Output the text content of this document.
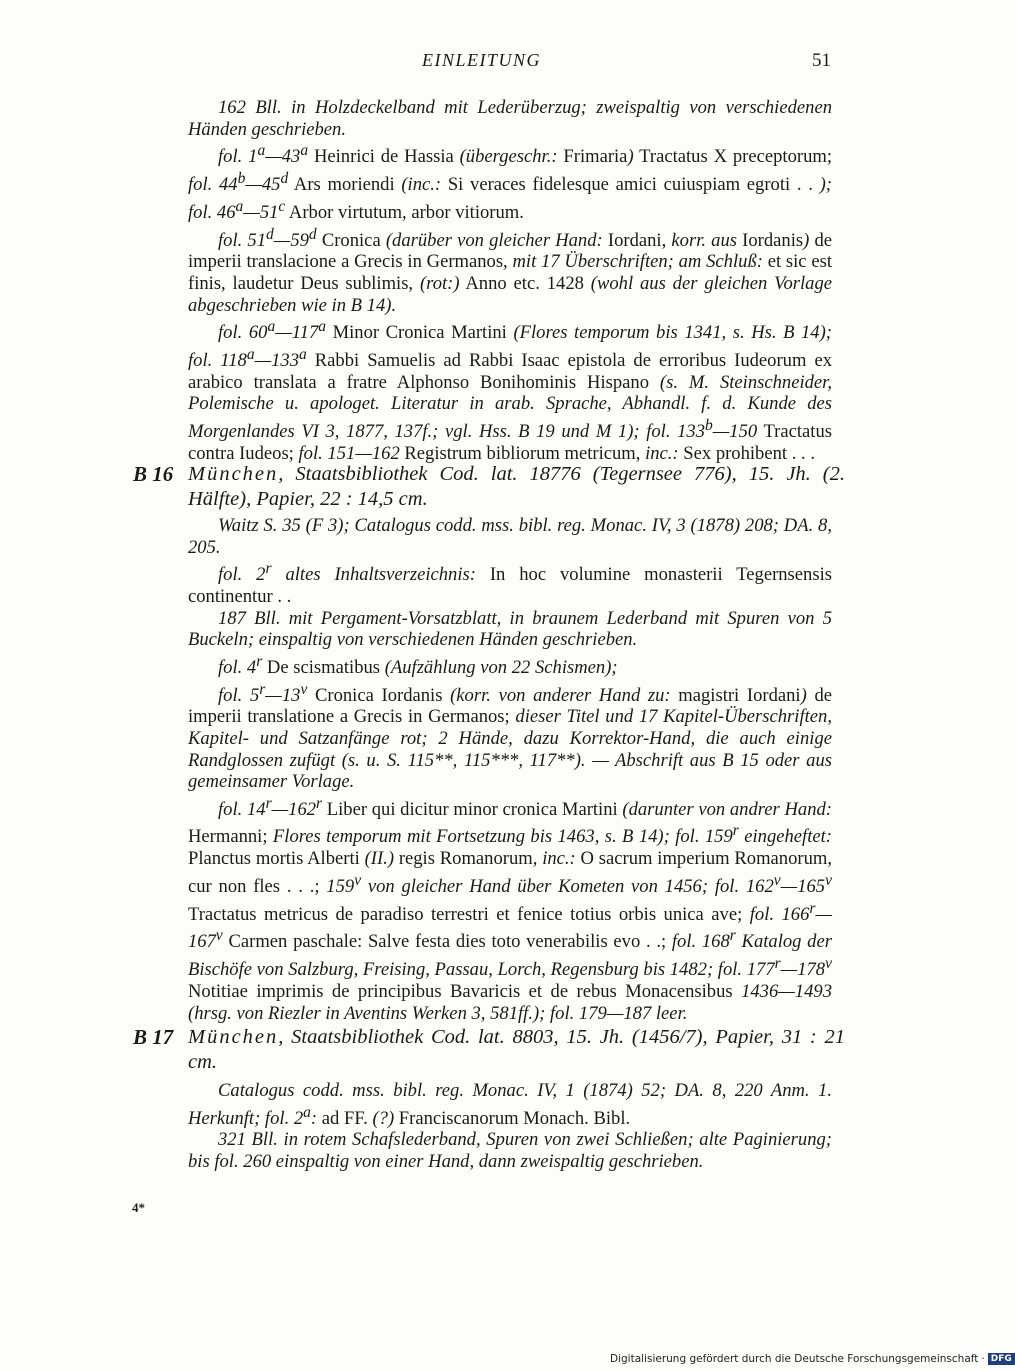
EINLEITUNG	51

162 Bll. in Holzdeckelband mit Lederüberzug; zweispaltig von verschiedenen Händen geschrieben.

fol. 1$^a$—43$^a$ Heinrici de Hassia (übergeschr.: Frimaria) Tractatus X preceptorum; fol. 44$^b$—45$^d$ Ars moriendi (inc.: Si veraces fidelesque amici cuiuspiam egroti . . ); fol. 46$^a$—51$^c$ Arbor virtutum, arbor vitiorum.

fol. 51$^d$—59$^d$ Cronica (darüber von gleicher Hand: Iordani, korr. aus Iordanis) de imperii translacione a Grecis in Germanos, mit 17 Überschriften; am Schluß: et sic est finis, laudetur Deus sublimis, (rot:) Anno etc. 1428 (wohl aus der gleichen Vorlage abgeschrieben wie in B 14).

fol. 60$^a$—117$^a$ Minor Cronica Martini (Flores temporum bis 1341, s. Hs. B 14); fol. 118$^a$—133$^a$ Rabbi Samuelis ad Rabbi Isaac epistola de erroribus Iudeorum ex arabico translata a fratre Alphonso Bonihominis Hispano (s. M. Steinschneider, Polemische u. apologet. Literatur in arab. Sprache, Abhandl. f. d. Kunde des Morgenlandes VI 3, 1877, 137f.; vgl. Hss. B 19 und M 1); fol. 133$^b$—150 Tractatus contra Iudeos; fol. 151—162 Registrum bibliorum metricum, inc.: Sex prohibent . . .

B 16 München, Staatsbibliothek Cod. lat. 18776 (Tegernsee 776), 15. Jh. (2. Hälfte), Papier, 22 : 14,5 cm.

Waitz S. 35 (F 3); Catalogus codd. mss. bibl. reg. Monac. IV, 3 (1878) 208; DA. 8, 205.

fol. 2$^r$ altes Inhaltsverzeichnis: In hoc volumine monasterii Tegernsensis continentur . .

187 Bll. mit Pergament-Vorsatzblatt, in braunem Lederband mit Spuren von 5 Buckeln; einspaltig von verschiedenen Händen geschrieben.

fol. 4$^r$ De scismatibus (Aufzählung von 22 Schismen);

fol. 5$^r$—13$^v$ Cronica Iordanis (korr. von anderer Hand zu: magistri Iordani) de imperii translatione a Grecis in Germanos; dieser Titel und 17 Kapitel-Überschriften, Kapitel- und Satzanfänge rot; 2 Hände, dazu Korrektor-Hand, die auch einige Randglossen zufügt (s. u. S. 115**, 115***, 117**). — Abschrift aus B 15 oder aus gemeinsamer Vorlage.

fol. 14$^r$—162$^r$ Liber qui dicitur minor cronica Martini (darunter von andrer Hand: Hermanni; Flores temporum mit Fortsetzung bis 1463, s. B 14); fol. 159$^r$ eingeheftet: Planctus mortis Alberti (II.) regis Romanorum, inc.: O sacrum imperium Romanorum, cur non fles . . .; 159$^v$ von gleicher Hand über Kometen von 1456; fol. 162$^v$—165$^v$ Tractatus metricus de paradiso terrestri et fenice totius orbis unica ave; fol. 166$^r$—167$^v$ Carmen paschale: Salve festa dies toto venerabilis evo . .; fol. 168$^r$ Katalog der Bischöfe von Salzburg, Freising, Passau, Lorch, Regensburg bis 1482; fol. 177$^r$—178$^v$ Notitiae imprimis de principibus Bavaricis et de rebus Monacensibus 1436—1493 (hrsg. von Riezler in Aventins Werken 3, 581ff.); fol. 179—187 leer.

B 17 München, Staatsbibliothek Cod. lat. 8803, 15. Jh. (1456/7), Papier, 31 : 21 cm.

Catalogus codd. mss. bibl. reg. Monac. IV, 1 (1874) 52; DA. 8, 220 Anm. 1. Herkunft; fol. 2$^a$: ad FF. (?) Franciscanorum Monach. Bibl.

321 Bll. in rotem Schafslederband, Spuren von zwei Schließen; alte Paginierung; bis fol. 260 einspaltig von einer Hand, dann zweispaltig geschrieben.

4*
Digitalisierung gefördert durch die Deutsche Forschungsgemeinschaft · DFG
